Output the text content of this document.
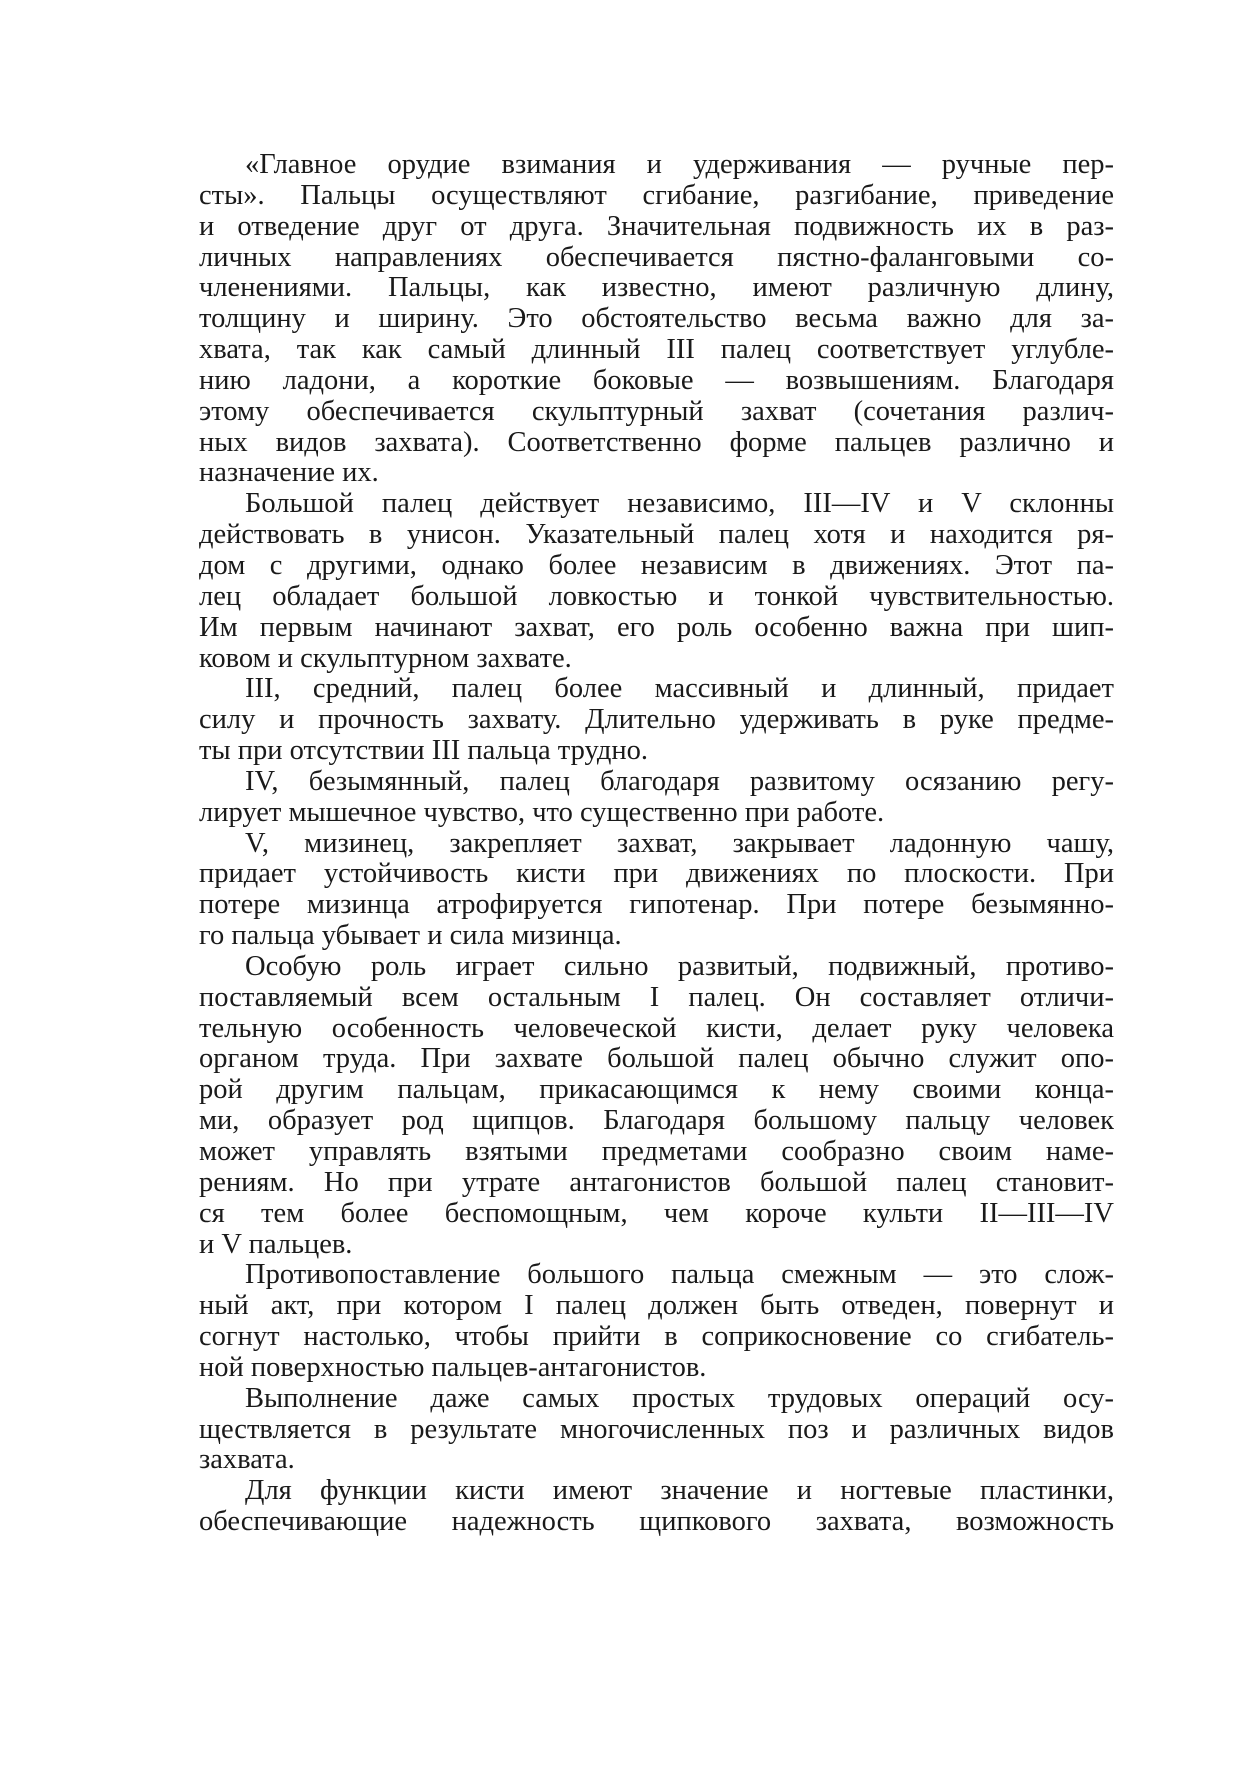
«Главное орудие взимания и удерживания — ручные пер-
сты». Пальцы осуществляют сгибание, разгибание, приведение
и отведение друг от друга. Значительная подвижность их в раз-
личных направлениях обеспечивается пястно-фаланговыми со-
членениями. Пальцы, как известно, имеют различную длину,
толщину и ширину. Это обстоятельство весьма важно для за-
хвата, так как самый длинный III палец соответствует углубле-
нию ладони, а короткие боковые — возвышениям. Благодаря
этому обеспечивается скульптурный захват (сочетания различ-
ных видов захвата). Соответственно форме пальцев различно и
назначение их.
Большой палец действует независимо, III—IV и V склонны
действовать в унисон. Указательный палец хотя и находится ря-
дом с другими, однако более независим в движениях. Этот па-
лец обладает большой ловкостью и тонкой чувствительностью.
Им первым начинают захват, его роль особенно важна при шип-
ковом и скульптурном захвате.
III, средний, палец более массивный и длинный, придает
силу и прочность захвату. Длительно удерживать в руке предме-
ты при отсутствии III пальца трудно.
IV, безымянный, палец благодаря развитому осязанию регу-
лирует мышечное чувство, что существенно при работе.
V, мизинец, закрепляет захват, закрывает ладонную чашу,
придает устойчивость кисти при движениях по плоскости. При
потере мизинца атрофируется гипотенар. При потере безымянно-
го пальца убывает и сила мизинца.
Особую роль играет сильно развитый, подвижный, противо-
поставляемый всем остальным I палец. Он составляет отличи-
тельную особенность человеческой кисти, делает руку человека
органом труда. При захвате большой палец обычно служит опо-
рой другим пальцам, прикасающимся к нему своими конца-
ми, образует род щипцов. Благодаря большому пальцу человек
может управлять взятыми предметами сообразно своим наме-
рениям. Но при утрате антагонистов большой палец становит-
ся тем более беспомощным, чем короче культи II—III—IV
и V пальцев.
Противопоставление большого пальца смежным — это слож-
ный акт, при котором I палец должен быть отведен, повернут и
согнут настолько, чтобы прийти в соприкосновение со сгибатель-
ной поверхностью пальцев-антагонистов.
Выполнение даже самых простых трудовых операций осу-
ществляется в результате многочисленных поз и различных видов
захвата.
Для функции кисти имеют значение и ногтевые пластинки,
обеспечивающие надежность щипкового захвата, возможность
